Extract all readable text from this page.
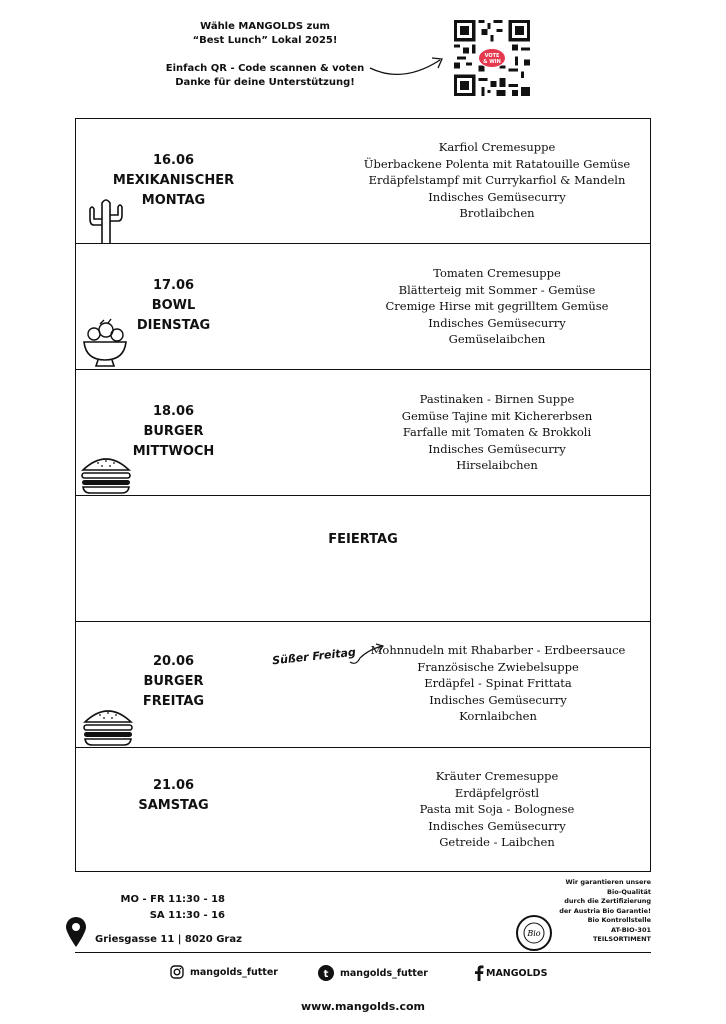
Wähle MANGOLDS zum

“Best Lunch” Lokal 2025!

Einfach QR - Code scannen & voten

Danke für deine Unterstützung!

VOTE
& WIN
16.06
MEXIKANISCHER
MONTAG
Karfiol Cremesuppe
Überbackene Polenta mit Ratatouille Gemüse
Erdäpfelstampf mit Currykarfiol & Mandeln
Indisches Gemüsecurry
Brotlaibchen
17.06
BOWL
DIENSTAG
Tomaten Cremesuppe
Blätterteig mit Sommer - Gemüse
Cremige Hirse mit gegrilltem Gemüse
Indisches Gemüsecurry
Gemüselaibchen
18.06
BURGER
MITTWOCH
Pastinaken - Birnen Suppe
Gemüse Tajine mit Kichererbsen
Farfalle mit Tomaten & Brokkoli
Indisches Gemüsecurry
Hirselaibchen
FEIERTAG
20.06
BURGER
FREITAG
Süßer Freitag	Mohnnudeln mit Rhabarber - Erdbeersauce
Französische Zwiebelsuppe
Erdäpfel - Spinat Frittata
Indisches Gemüsecurry
Kornlaibchen
21.06
SAMSTAG
Kräuter Cremesuppe
Erdäpfelgröstl
Pasta mit Soja - Bolognese
Indisches Gemüsecurry
Getreide - Laibchen
MO - FR 11:30 - 18
SA 11:30 - 16
Griesgasse 11 | 8020 Graz
Bio
Wir garantieren unsere
Bio-Qualität
durch die Zertifizierung
der Austria Bio Garantie!
Bio Kontrollstelle
AT-BIO-301
TEILSORTIMENT
mangolds_futter	t mangolds_futter	MANGOLDS
www.mangolds.com
